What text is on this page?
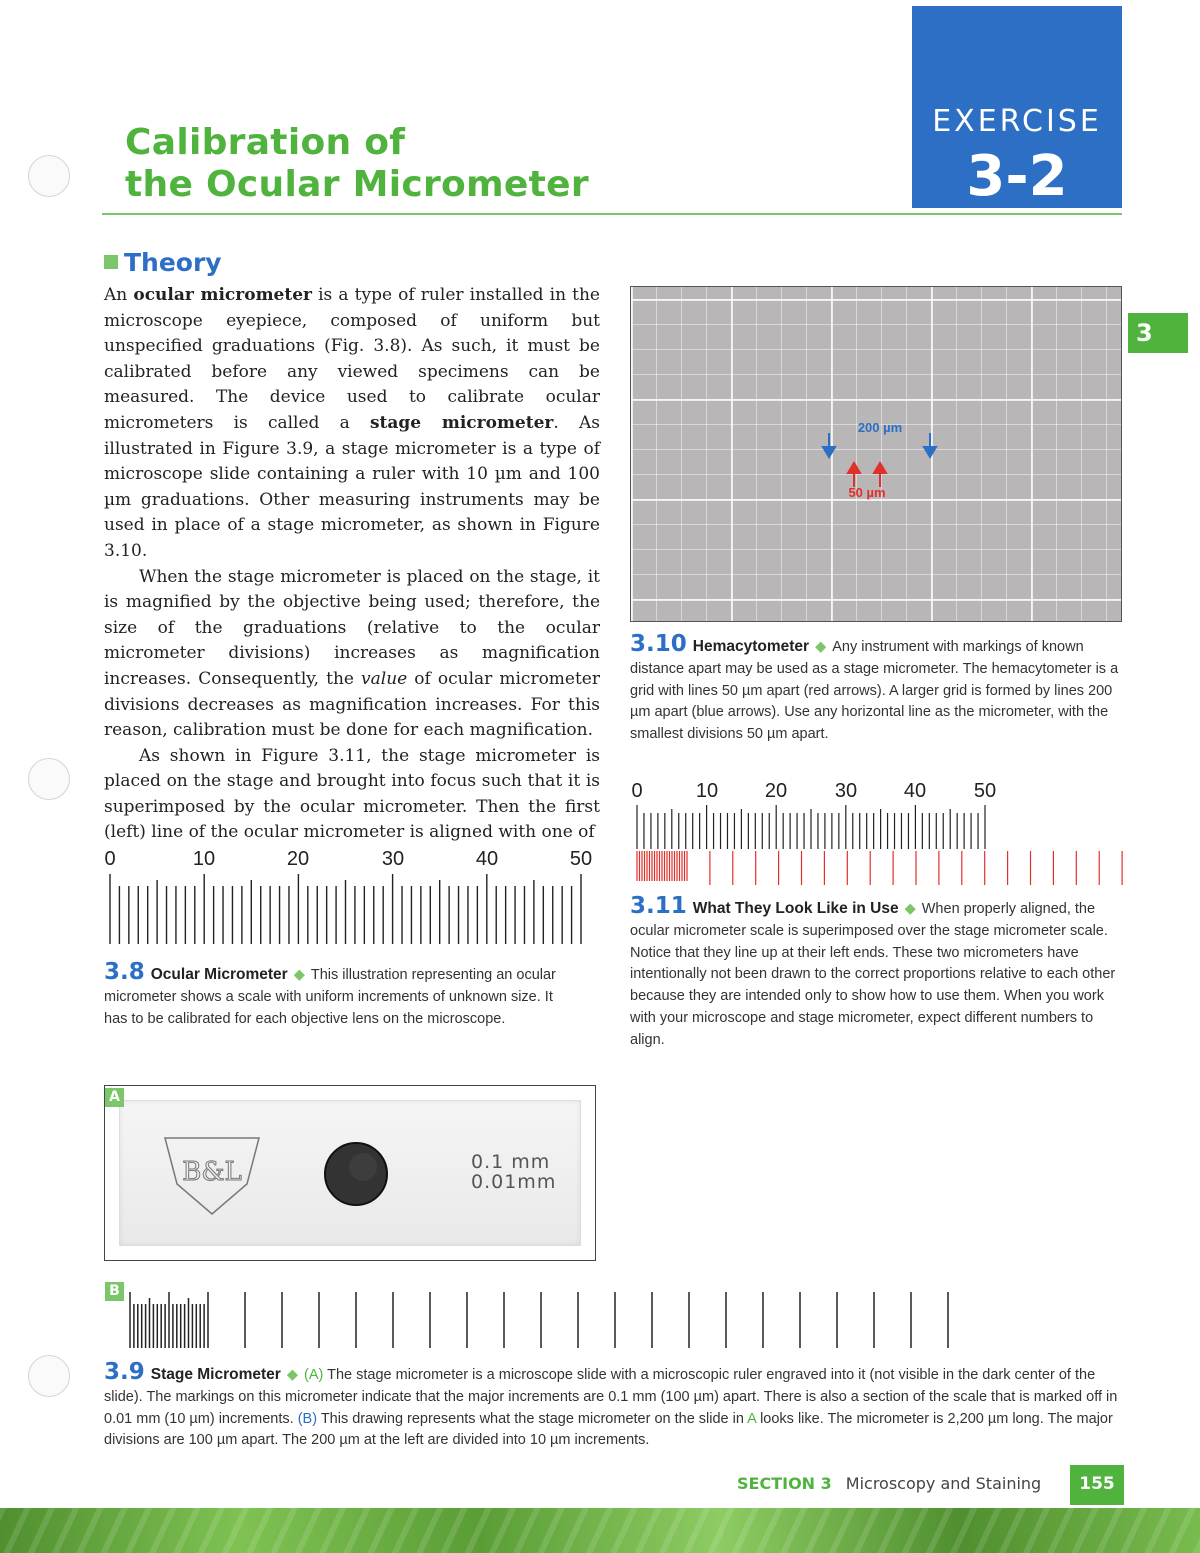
Calibration of
the Ocular Micrometer
EXERCISE
3-2
3
Theory

An ocular micrometer is a type of ruler installed in the microscope eyepiece, composed of uniform but unspecified graduations (Fig. 3.8). As such, it must be calibrated before any viewed specimens can be measured. The device used to calibrate ocular micrometers is called a stage micrometer. As illustrated in Figure 3.9, a stage micrometer is a type of microscope slide containing a ruler with 10 µm and 100 µm graduations. Other measuring instruments may be used in place of a stage micrometer, as shown in Figure 3.10.

When the stage micrometer is placed on the stage, it is magnified by the objective being used; therefore, the size of the graduations (relative to the ocular micrometer divisions) increases as magnification increases. Consequently, the value of ocular micrometer divisions decreases as magnification increases. For this reason, calibration must be done for each magnification.

As shown in Figure 3.11, the stage micrometer is placed on the stage and brought into focus such that it is superimposed by the ocular micrometer. Then the first (left) line of the ocular micrometer is aligned with one of

0	10	20	30	40	50
3.8 Ocular Micrometer ◆ This illustration representing an ocular micrometer shows a scale with uniform increments of unknown size. It has to be calibrated for each objective lens on the microscope.
200 µm
50 µm
3.10 Hemacytometer ◆ Any instrument with markings of known distance apart may be used as a stage micrometer. The hemacytometer is a grid with lines 50 µm apart (red arrows). A larger grid is formed by lines 200 µm apart (blue arrows). Use any horizontal line as the micrometer, with the smallest divisions 50 µm apart.
0	10 20 30 40 50
3.11 What They Look Like in Use ◆ When properly aligned, the ocular micrometer scale is superimposed over the stage micrometer scale. Notice that they line up at their left ends. These two micrometers have intentionally not been drawn to the correct proportions relative to each other because they are intended only to show how to use them. When you work with your microscope and stage micrometer, expect different numbers to align.
B&L	0.1 mm
0.01mm
A
B
3.9 Stage Micrometer ◆ (A) The stage micrometer is a microscope slide with a microscopic ruler engraved into it (not visible in the dark center of the slide). The markings on this micrometer indicate that the major increments are 0.1 mm (100 µm) apart. There is also a section of the scale that is marked off in 0.01 mm (10 µm) increments. (B) This drawing represents what the stage micrometer on the slide in A looks like. The micrometer is 2,200 µm long. The major divisions are 100 µm apart. The 200 µm at the left are divided into 10 µm increments.
SECTION 3 Microscopy and Staining	155
